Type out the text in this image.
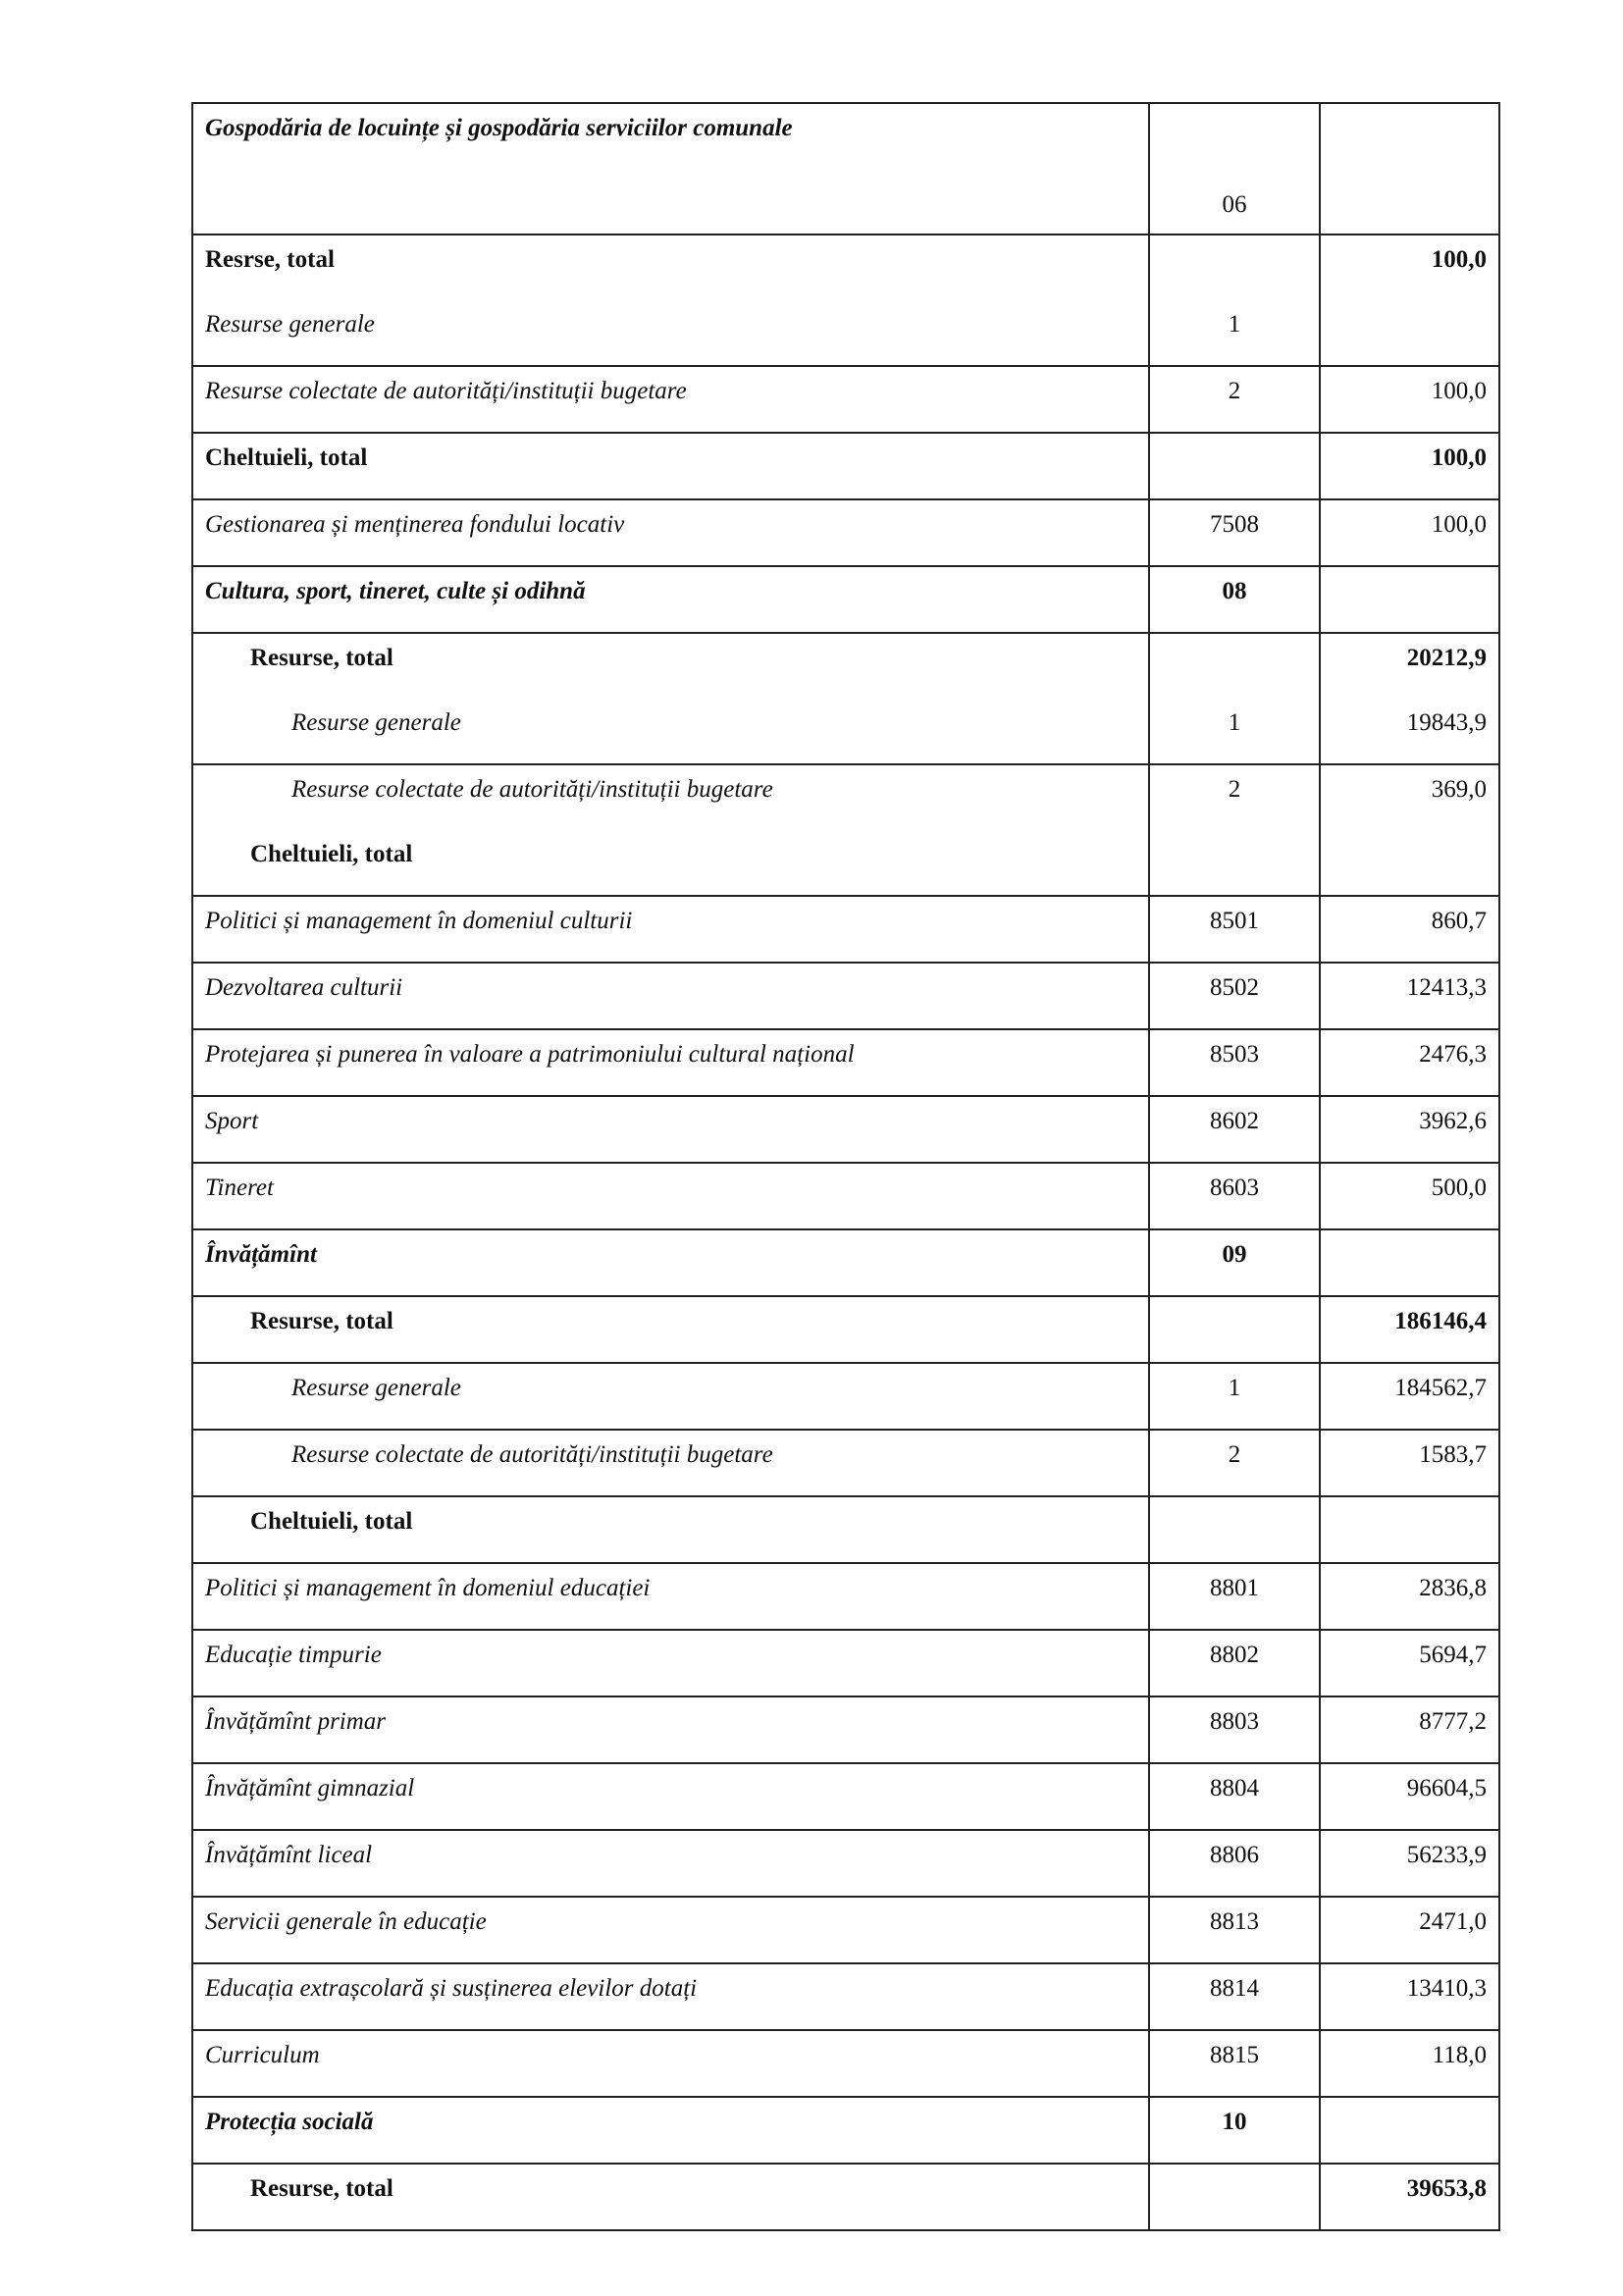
Gospodăria de locuințe și gospodăria serviciilor comunale	06	
Resrse, total		100,0
Resurse generale	1	
Resurse colectate de autorități/instituții bugetare	2	100,0
Cheltuieli, total		100,0
Gestionarea și menținerea fondului locativ	7508	100,0
Cultura, sport, tineret, culte și odihnă	08	
Resurse, total		20212,9
Resurse generale	1	19843,9
Resurse colectate de autorități/instituții bugetare	2	369,0
Cheltuieli, total		
Politici și management în domeniul culturii	8501	860,7
Dezvoltarea culturii	8502	12413,3
Protejarea și punerea în valoare a patrimoniului cultural național	8503	2476,3
Sport	8602	3962,6
Tineret	8603	500,0
Învățămînt	09	
Resurse, total		186146,4
Resurse generale	1	184562,7
Resurse colectate de autorități/instituții bugetare	2	1583,7
Cheltuieli, total		
Politici și management în domeniul educației	8801	2836,8
Educație timpurie	8802	5694,7
Învățămînt primar	8803	8777,2
Învățămînt gimnazial	8804	96604,5
Învățămînt liceal	8806	56233,9
Servicii generale în educație	8813	2471,0
Educația extrașcolară și susținerea elevilor dotați	8814	13410,3
Curriculum	8815	118,0
Protecția socială	10	
Resurse, total		39653,8
